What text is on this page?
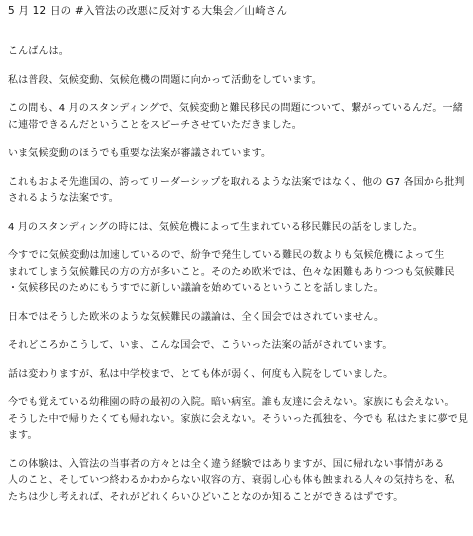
5 月 12 日の #入管法の改悪に反対する大集会／山崎さん

こんばんは。

私は普段、気候変動、気候危機の問題に向かって活動をしています。

この間も、4 月のスタンディングで、気候変動と難民移民の問題について、繋がっているんだ。一緒
に連帯できるんだということをスピーチさせていただきました。

いま気候変動のほうでも重要な法案が審議されています。

これもおよそ先進国の、誇ってリーダーシップを取れるような法案ではなく、他の G7 各国から批判
されるような法案です。

4 月のスタンディングの時には、気候危機によって生まれている移民難民の話をしました。

今すでに気候変動は加速しているので、紛争で発生している難民の数よりも気候危機によって生
まれてしまう気候難民の方の方が多いこと。そのため欧米では、色々な困難もありつつも気候難民
・気候移民のためにもうすでに新しい議論を始めているということを話しました。

日本ではそうした欧米のような気候難民の議論は、全く国会ではされていません。

それどころかこうして、いま、こんな国会で、こういった法案の話がされています。

話は変わりますが、私は中学校まで、とても体が弱く、何度も入院をしていました。

今でも覚えている幼稚園の時の最初の入院。暗い病室。誰も友達に会えない。家族にも会えない。
そうした中で帰りたくても帰れない。家族に会えない。そういった孤独を、今でも 私はたまに夢で見
ます。

この体験は、入管法の当事者の方々とは全く違う経験ではありますが、国に帰れない事情がある
人のこと、そしていつ終わるかわからない収容の方、衰弱し心も体も蝕まれる人々の気持ちを、私
たちは少し考えれば、それがどれくらいひどいことなのか知ることができるはずです。
